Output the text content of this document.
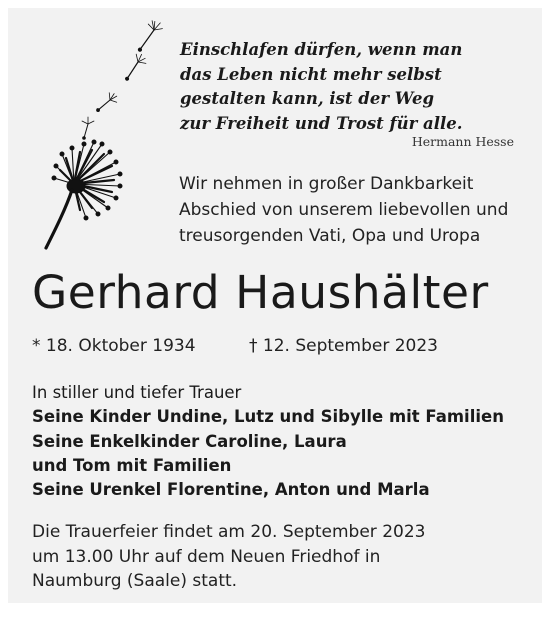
Einschlafen dürfen, wenn man
das Leben nicht mehr selbst
gestalten kann, ist der Weg
zur Freiheit und Trost für alle.
Hermann Hesse
Wir nehmen in großer Dankbarkeit
Abschied von unserem liebevollen und
treusorgenden Vati, Opa und Uropa
Gerhard Haushälter
* 18. Oktober 1934	† 12. September 2023
In stiller und tiefer Trauer
Seine Kinder Undine, Lutz und Sibylle mit Familien
Seine Enkelkinder Caroline, Laura
und Tom mit Familien
Seine Urenkel Florentine, Anton und Marla
Die Trauerfeier findet am 20. September 2023
um 13.00 Uhr auf dem Neuen Friedhof in
Naumburg (Saale) statt.
